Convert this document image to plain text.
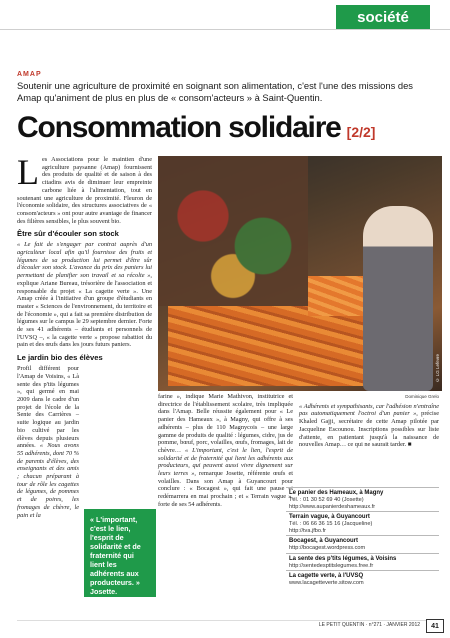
société
AMAP
Soutenir une agriculture de proximité en soignant son alimentation, c'est l'une des missions des Amap qu'animent de plus en plus de « consom'acteurs » à Saint-Quentin.
Consommation solidaire [2/2]
L es Associations pour le maintien d'une agriculture paysanne (Amap) fournissent des produits de qualité et de saison à des citadins avis de diminuer leur empreinte carbone liée à l'alimentation, tout en soutenant une agriculture de proximité. Fleuron de l'économie solidaire, des structures associatives de « consom'acteurs » ont pour autre avantage de financer des filières sensibles, le plus souvent bio.

Être sûr d'écouler son stock

« Le fait de s'engager par contrat auprès d'un agriculteur local afin qu'il fournisse des fruits et légumes de sa production lui permet d'être sûr d'écouler son stock. L'avance du prix des paniers lui permettant de planifier son travail et sa récolte », explique Ariane Bureau, trésorière de l'association et responsable du projet « La cagette verte ». Une Amap créée à l'initiative d'un groupe d'étudiants en master « Sciences de l'environnement, du territoire et de l'économie », qui a fait sa première distribution de légumes sur le campus le 29 septembre dernier. Forte de ses 41 adhérents – étudiants et personnels de l'UVSQ –, « la cagette verte » propose rabattiot du pain et des œufs dans les jours futurs paniers.

Le jardin bio des élèves

Profil différent pour l'Amap de Voisins, « Là sente des p'tits légumes », qui germé en mai 2009 dans le cadre d'un projet de l'école de la Sente des Carrières – suite logique au jardin bio cultivé par les élèves depuis plusieurs années. « Nous avons 55 adhérents, dont 70 % de parents d'élèves, des enseignants et des amis ; chacun préparant à tour de rôle les cagettes de légumes, de pommes et de poires, les fromages de chèvre, le pain et la	« L'important, c'est le lien, l'esprit de solidarité et de fraternité qui lient les adhérents aux producteurs. » Josette.
© LG Lefevre

farine », indique Marie Mathivon, institutrice et directrice de l'établissement scolaire, très impliquée dans l'Amap. Belle réussite également pour « Le panier des Hameaux », à Magny, qui offre à ses adhérents – plus de 110 Magnycois – une large gamme de produits de qualité : légumes, cidre, jus de pomme, bœuf, porc, volailles, œufs, fromages, lait de chèvre… « L'important, c'est le lien, l'esprit de solidarité et de fraternité qui lient les adhérents aux producteurs, qui peuvent aussi vivre dignement sur leurs terres », remarque Josette, référente œufs et volailles. Dans son Amap à Guyancourt pour conclure : « Bocagest », qui fait une pause et redémarrera en mai prochain ; et « Terrain vague », forte de ses 54 adhérents.

Dominique Grelo

« Adhérents et sympathisants, car l'adhésion n'entraîne pas automatiquement l'octroi d'un panier », précise Khaled Gajji, secrétaire de cette Amap pilotée par Jacqueline Escounou. Inscriptions possibles sur liste d'attente, en patientant jusqu'à la naissance de nouvelles Amap… ce qui ne saurait tarder. ■

Le panier des Hameaux, à Magny
Tél. : 01 30 52 69 40 (Josette)
http://www.aupanierdeshameaux.fr
Terrain vague, à Guyancourt
Tél. : 06 66 36 15 16 (Jacqueline)
http://tva.jfbo.fr
Bocagest, à Guyancourt
http://bocagest.wordpress.com
La sente des p'tits légumes, à Voisins
http://sentedesptitslegumes.free.fr
La cagette verte, à l'UVSQ
www.lacagetteverte.sitow.com
LE PETIT QUENTIN · n°271 · JANVIER 2012	41
